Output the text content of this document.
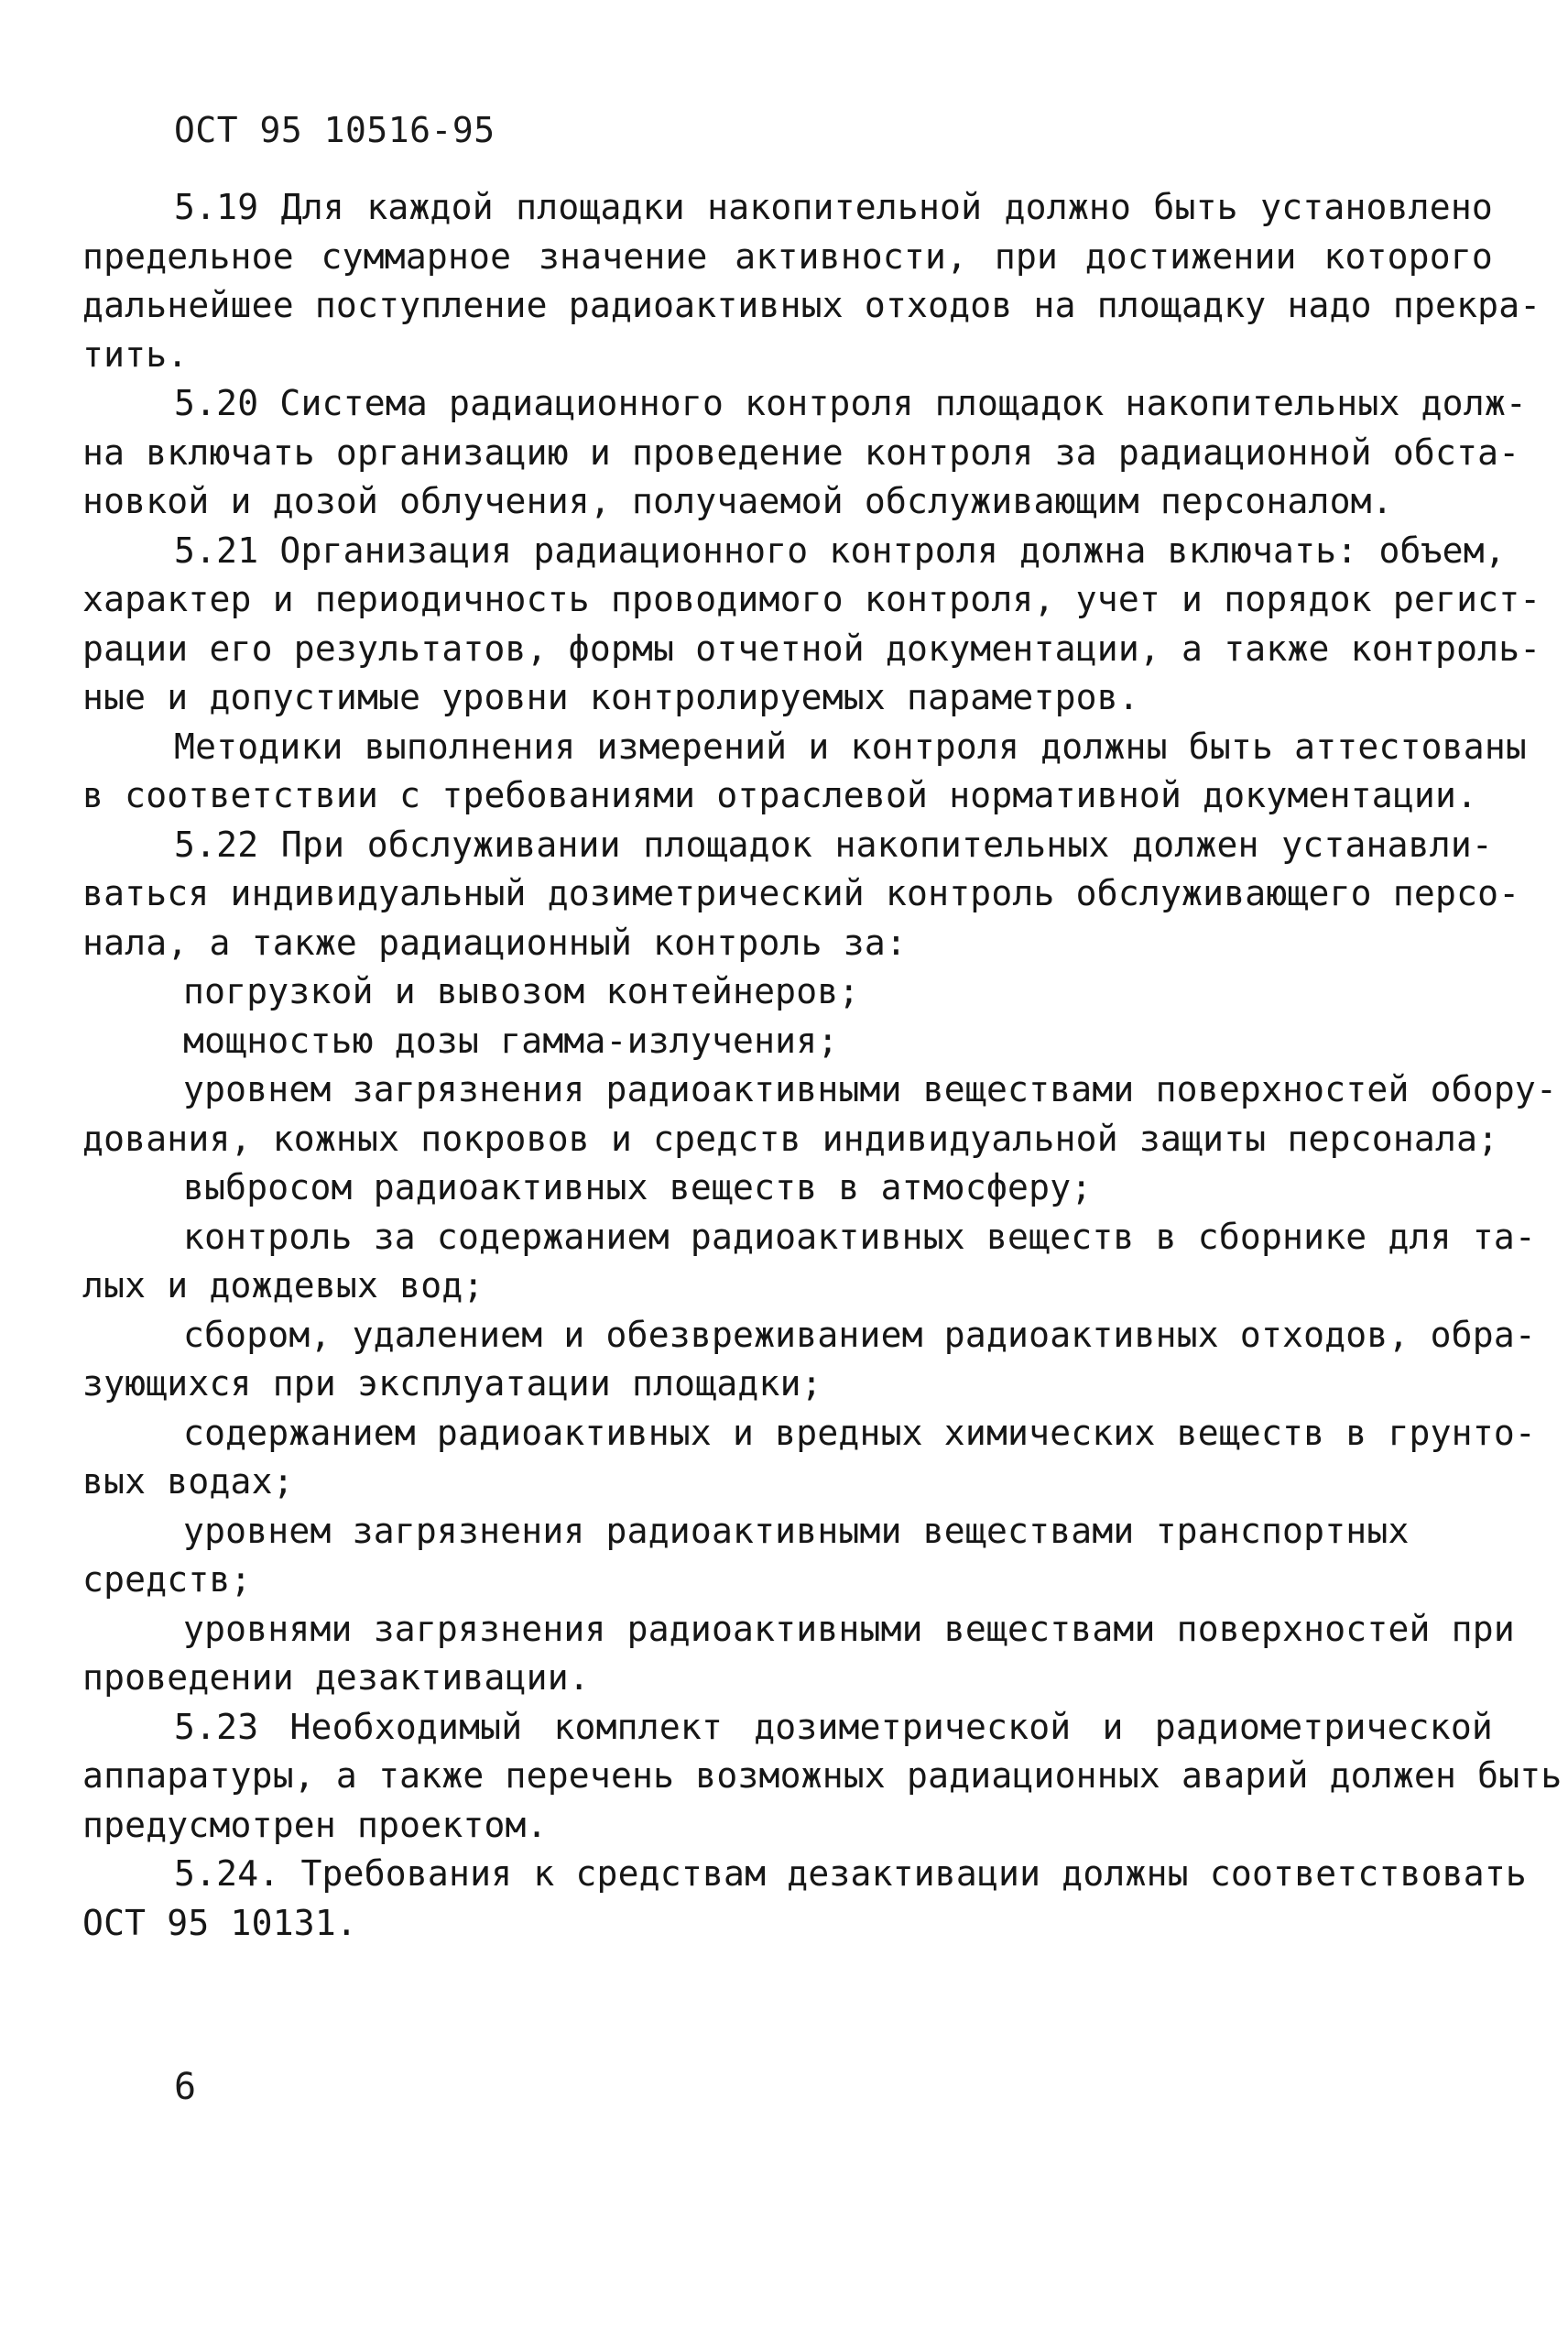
ОСТ 95 10516-95
5.19 Для каждой площадки накопительной должно быть установлено
предельное суммарное значение активности, при достижении которого
дальнейшее поступление радиоактивных отходов на площадку надо прекра-
тить.
5.20 Система радиационного контроля площадок накопительных долж-
на включать организацию и проведение контроля за радиационной обста-
новкой и дозой облучения, получаемой обслуживающим персоналом.
5.21 Организация радиационного контроля должна включать: объем,
характер и периодичность проводимого контроля, учет и порядок регист-
рации его результатов, формы отчетной документации, а также контроль-
ные и допустимые уровни контролируемых параметров.
Методики выполнения измерений и контроля должны быть аттестованы
в соответствии с требованиями отраслевой нормативной документации.
5.22 При обслуживании площадок накопительных должен устанавли-
ваться индивидуальный дозиметрический контроль обслуживающего персо-
нала, а также радиационный контроль за:
погрузкой и вывозом контейнеров;
мощностью дозы гамма-излучения;
уровнем загрязнения радиоактивными веществами поверхностей обору-
дования, кожных покровов и средств индивидуальной защиты персонала;
выбросом радиоактивных веществ в атмосферу;
контроль за содержанием радиоактивных веществ в сборнике для та-
лых и дождевых вод;
сбором, удалением и обезвреживанием радиоактивных отходов, обра-
зующихся при эксплуатации площадки;
содержанием радиоактивных и вредных химических веществ в грунто-
вых водах;
уровнем загрязнения радиоактивными веществами транспортных
средств;
уровнями загрязнения радиоактивными веществами поверхностей при
проведении дезактивации.
5.23 Необходимый комплект дозиметрической и радиометрической
аппаратуры, а также перечень возможных радиационных аварий должен быть
предусмотрен проектом.
5.24. Требования к средствам дезактивации должны соответствовать
ОСТ 95 10131.
6
